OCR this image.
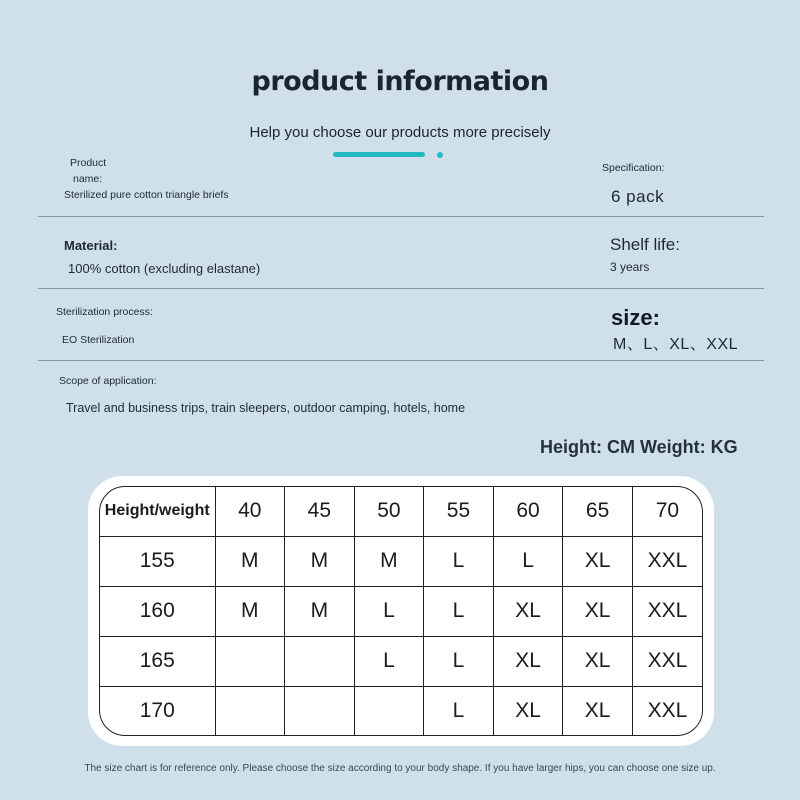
product information
Help you choose our products more precisely
Product
name:
Sterilized pure cotton triangle briefs
Specification:
6 pack
Material:
100% cotton (excluding elastane)
Shelf life:
3 years
Sterilization process:
EO Sterilization
size:
M、L、XL、XXL
Scope of application:
Travel and business trips, train sleepers, outdoor camping, hotels, home
Height: CM Weight: KG
Height/weight	40	45	50	55	60	65	70
155	M	M	M	L	L	XL	XXL
160	M	M	L	L	XL	XL	XXL
165			L	L	XL	XL	XXL
170				L	XL	XL	XXL
The size chart is for reference only. Please choose the size according to your body shape. If you have larger hips, you can choose one size up.
